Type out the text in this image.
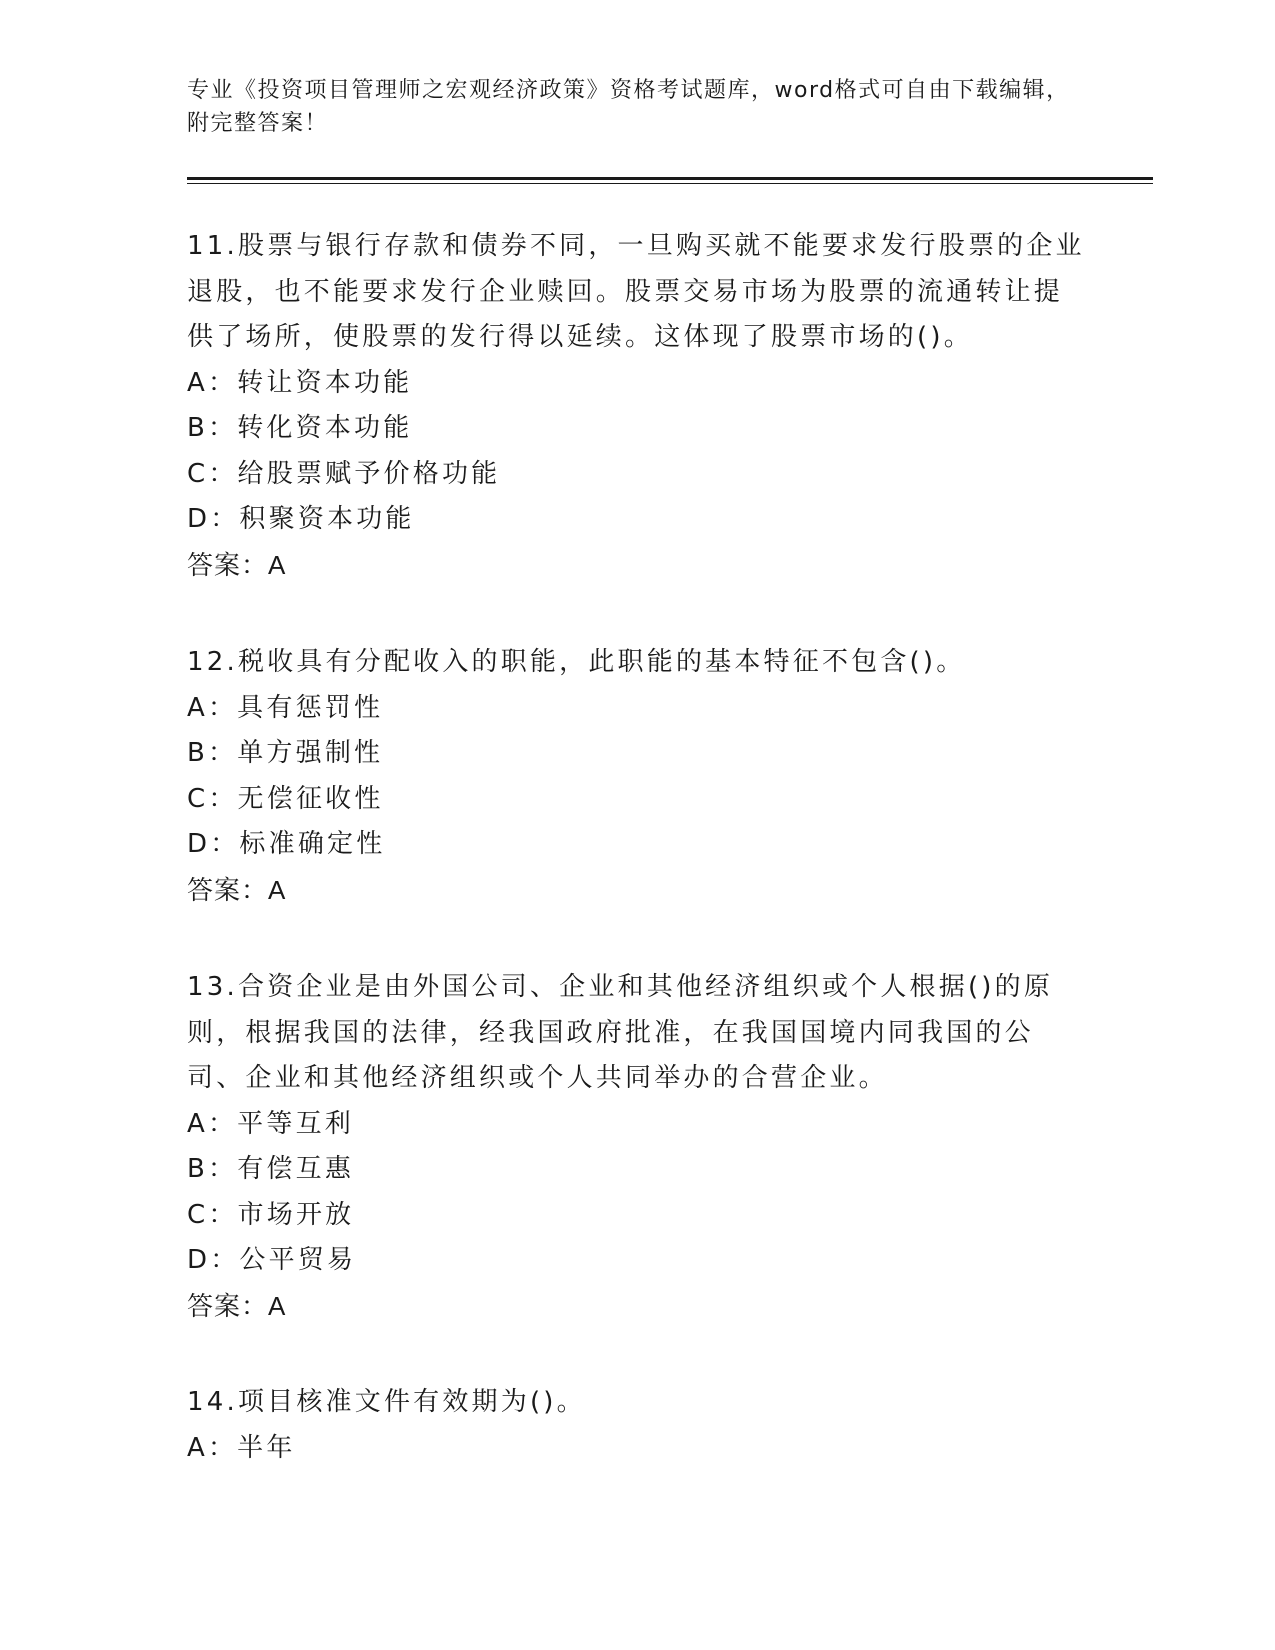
专业《投资项目管理师之宏观经济政策》资格考试题库，word格式可自由下载编辑，附完整答案！

11.股票与银行存款和债券不同，一旦购买就不能要求发行股票的企业退股，也不能要求发行企业赎回。股票交易市场为股票的流通转让提供了场所，使股票的发行得以延续。这体现了股票市场的()。

A：转让资本功能

B：转化资本功能

C：给股票赋予价格功能

D：积聚资本功能

答案：A

12.税收具有分配收入的职能，此职能的基本特征不包含()。

A：具有惩罚性

B：单方强制性

C：无偿征收性

D：标准确定性

答案：A

13.合资企业是由外国公司、企业和其他经济组织或个人根据()的原则，根据我国的法律，经我国政府批准，在我国国境内同我国的公司、企业和其他经济组织或个人共同举办的合营企业。

A：平等互利

B：有偿互惠

C：市场开放

D：公平贸易

答案：A

14.项目核准文件有效期为()。

A：半年
